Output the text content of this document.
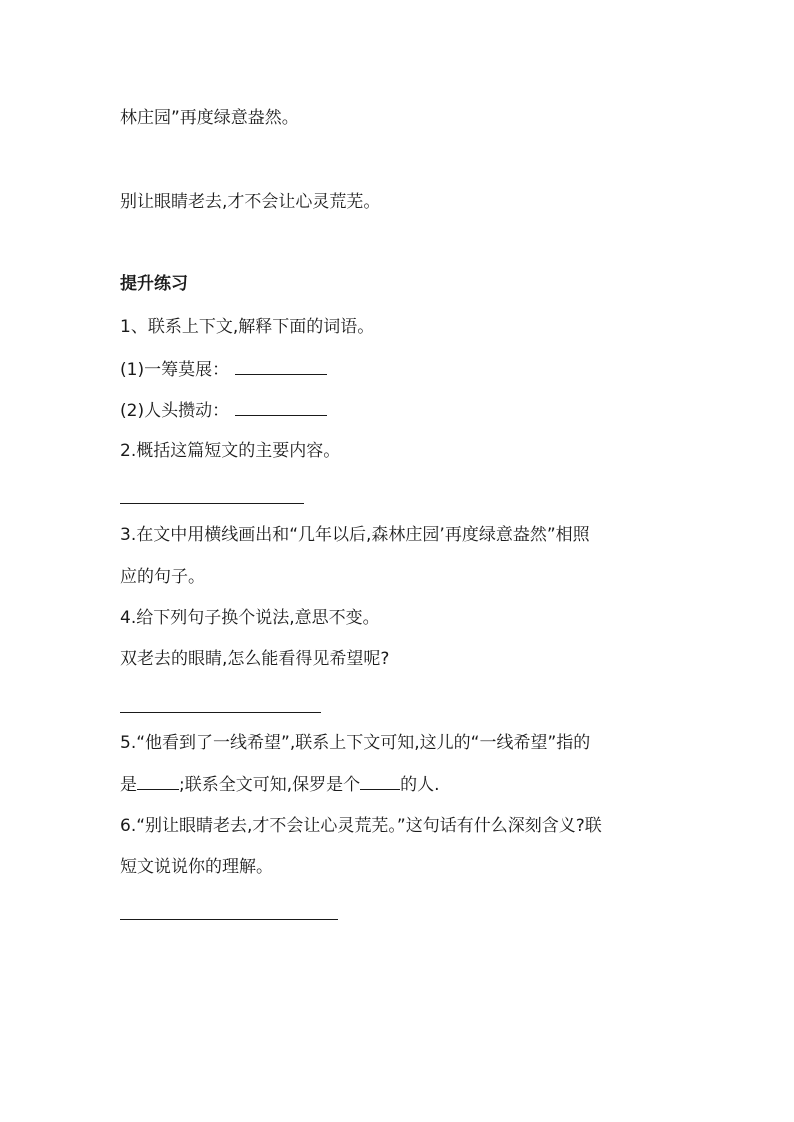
林庄园”再度绿意盎然。
别让眼睛老去,才不会让心灵荒芜。
提升练习
1、联系上下文,解释下面的词语。
(1)一筹莫展：
(2)人头攒动：
2.概括这篇短文的主要内容。
3.在文中用横线画出和“几年以后,森林庄园’再度绿意盎然”相照
应的句子。
4.给下列句子换个说法,意思不变。
双老去的眼睛,怎么能看得见希望呢?
5.“他看到了一线希望”,联系上下文可知,这儿的“一线希望”指的
是 ;联系全文可知,保罗是个 的人.
6.“别让眼睛老去,才不会让心灵荒芜。”这句话有什么深刻含义?联
短文说说你的理解。
